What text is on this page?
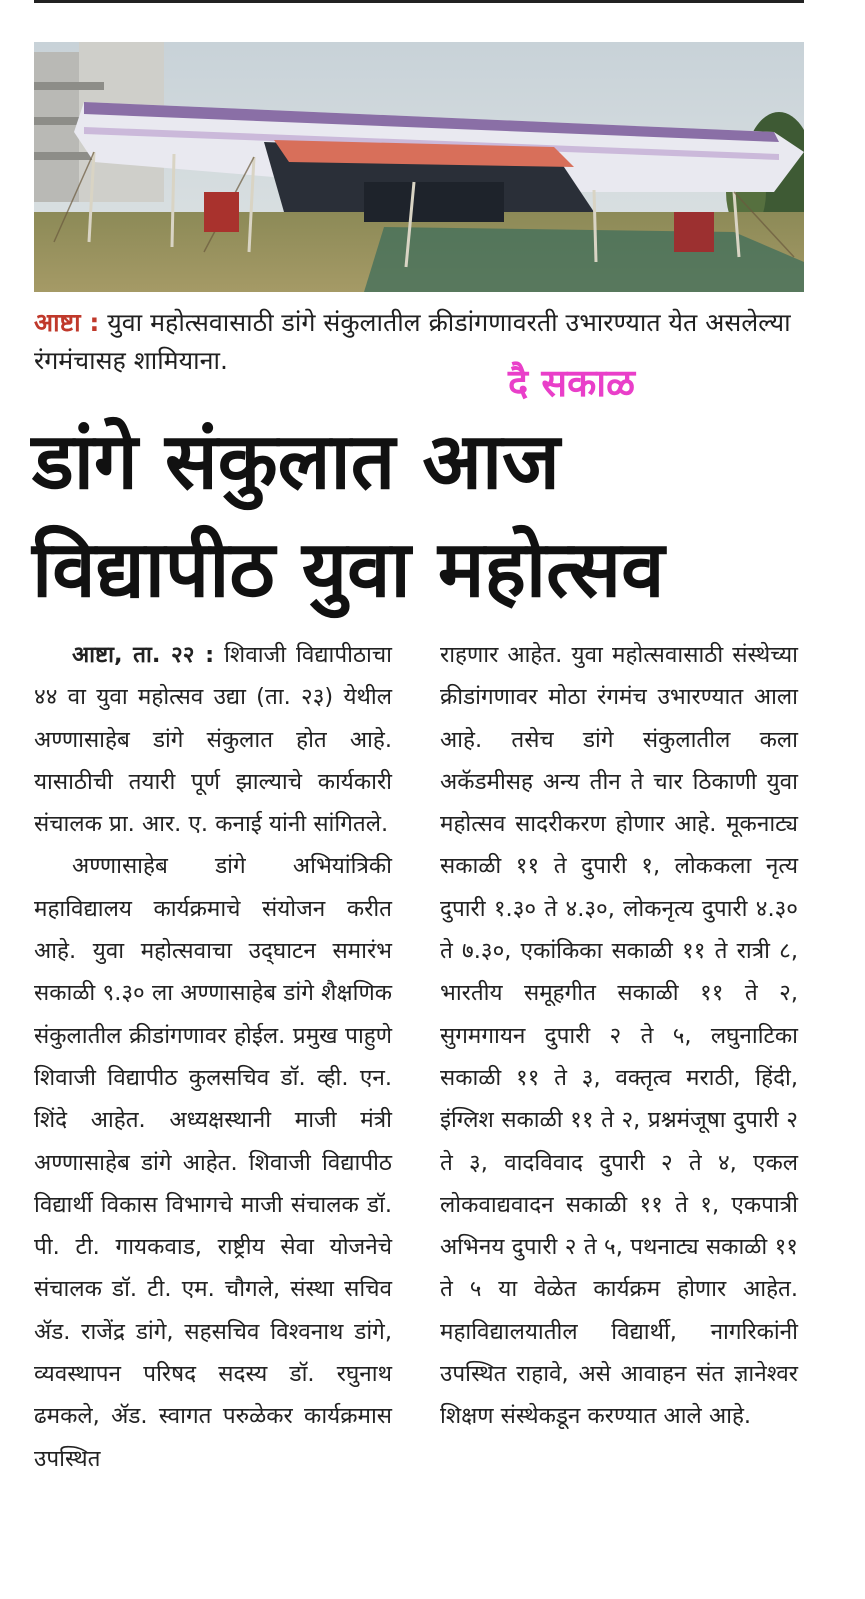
आष्टा : युवा महोत्सवासाठी डांगे संकुलातील क्रीडांगणावरती उभारण्यात येत असलेल्या रंगमंचासह शामियाना.
दै सकाळ
डांगे संकुलात आज
विद्यापीठ युवा महोत्सव

आष्टा, ता. २२ : शिवाजी विद्यापीठाचा ४४ वा युवा महोत्सव उद्या (ता. २३) येथील अण्णासाहेब डांगे संकुलात होत आहे. यासाठीची तयारी पूर्ण झाल्याचे कार्यकारी संचालक प्रा. आर. ए. कनाई यांनी सांगितले.

अण्णासाहेब डांगे अभियांत्रिकी महाविद्यालय कार्यक्रमाचे संयोजन करीत आहे. युवा महोत्सवाचा उद्‌घाटन समारंभ सकाळी ९.३० ला अण्णासाहेब डांगे शैक्षणिक संकुलातील क्रीडांगणावर होईल. प्रमुख पाहुणे शिवाजी विद्यापीठ कुलसचिव डॉ. व्ही. एन. शिंदे आहेत. अध्यक्षस्थानी माजी मंत्री अण्णासाहेब डांगे आहेत. शिवाजी विद्यापीठ विद्यार्थी विकास विभागचे माजी संचालक डॉ. पी. टी. गायकवाड, राष्ट्रीय सेवा योजनेचे संचालक डॉ. टी. एम. चौगले, संस्था सचिव ॲड. राजेंद्र डांगे, सहसचिव विश्वनाथ डांगे, व्यवस्थापन परिषद सदस्य डॉ. रघुनाथ ढमकले, ॲड. स्वागत परुळेकर कार्यक्रमास उपस्थित

राहणार आहेत. युवा महोत्सवासाठी संस्थेच्या क्रीडांगणावर मोठा रंगमंच उभारण्यात आला आहे. तसेच डांगे संकुलातील कला अकॅडमीसह अन्य तीन ते चार ठिकाणी युवा महोत्सव सादरीकरण होणार आहे. मूकनाट्य सकाळी ११ ते दुपारी १, लोककला नृत्य दुपारी १.३० ते ४.३०, लोकनृत्य दुपारी ४.३० ते ७.३०, एकांकिका सकाळी ११ ते रात्री ८, भारतीय समूहगीत सकाळी ११ ते २, सुगमगायन दुपारी २ ते ५, लघुनाटिका सकाळी ११ ते ३, वक्तृत्व मराठी, हिंदी, इंग्लिश सकाळी ११ ते २, प्रश्नमंजूषा दुपारी २ ते ३, वादविवाद दुपारी २ ते ४, एकल लोकवाद्यवादन सकाळी ११ ते १, एकपात्री अभिनय दुपारी २ ते ५, पथनाट्य सकाळी ११ ते ५ या वेळेत कार्यक्रम होणार आहेत. महाविद्यालयातील विद्यार्थी, नागरिकांनी उपस्थित राहावे, असे आवाहन संत ज्ञानेश्वर शिक्षण संस्थेकडून करण्यात आले आहे.
